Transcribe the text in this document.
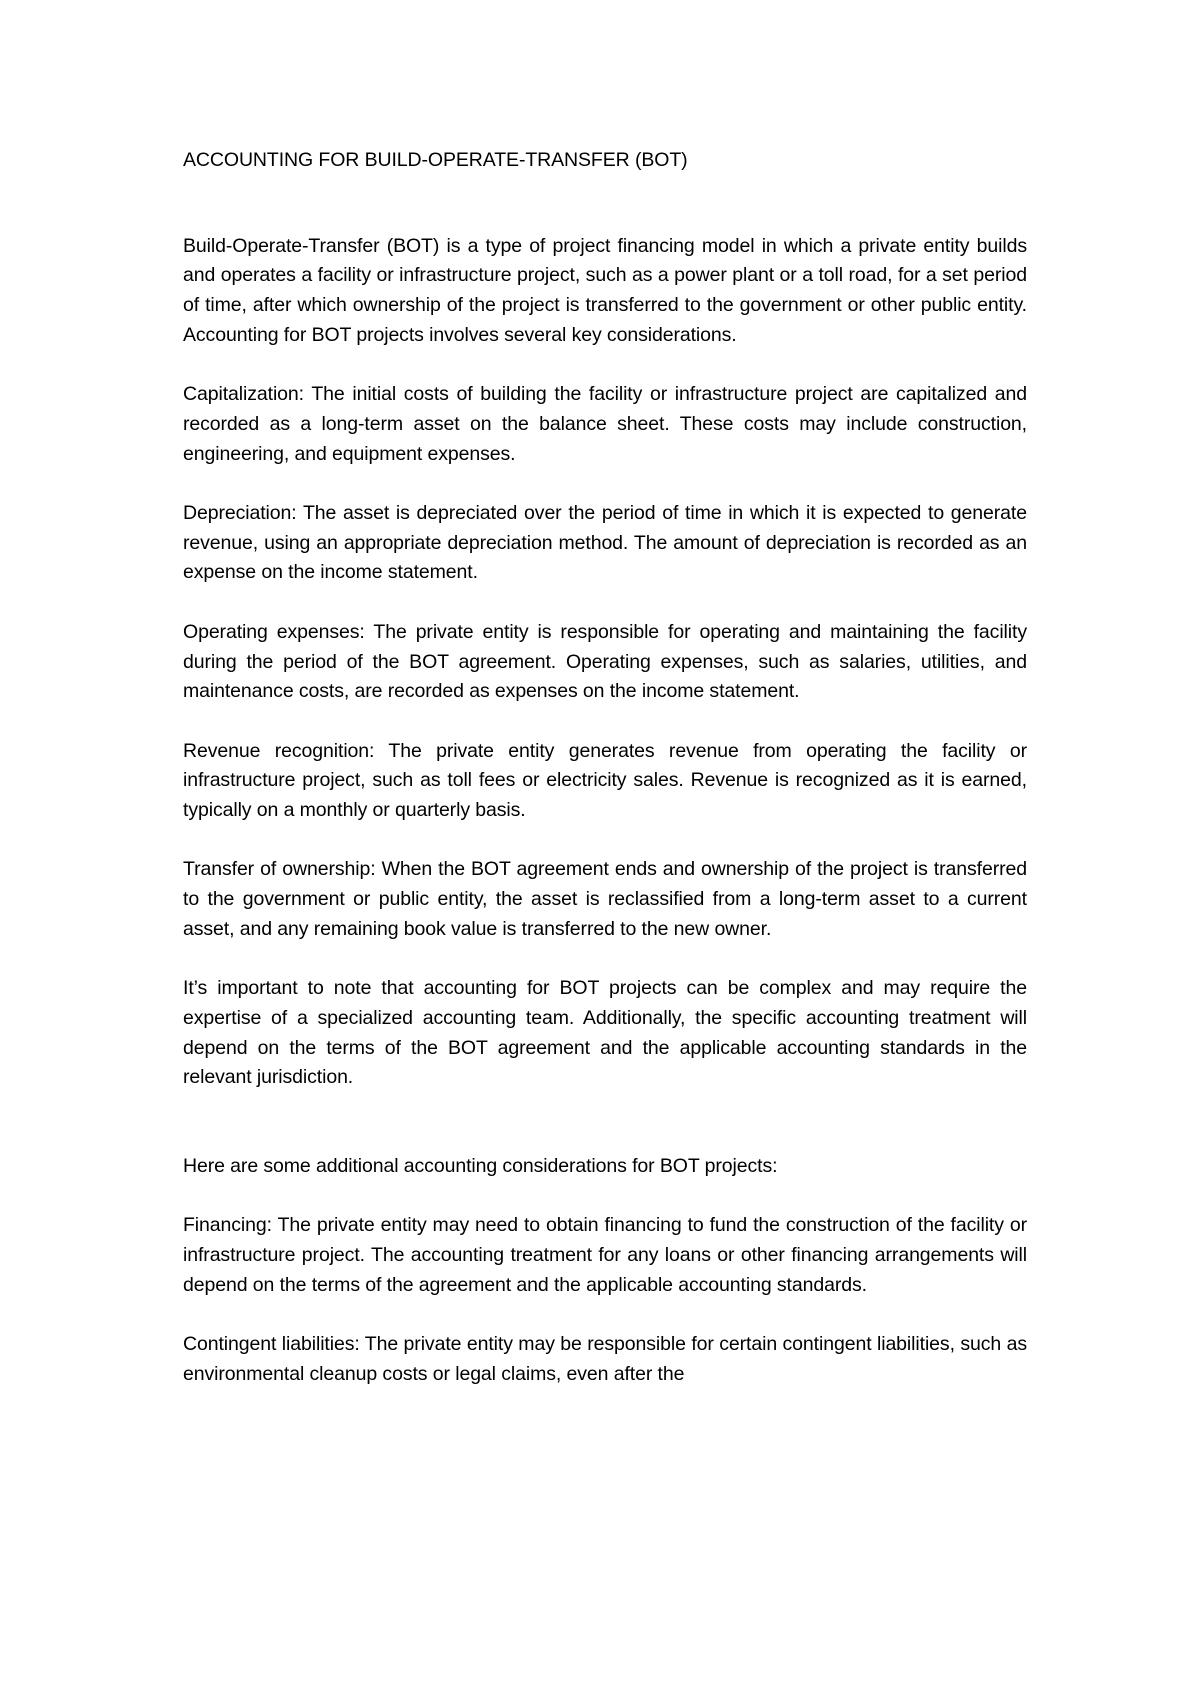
ACCOUNTING FOR BUILD-OPERATE-TRANSFER (BOT)

Build-Operate-Transfer (BOT) is a type of project financing model in which a private entity builds and operates a facility or infrastructure project, such as a power plant or a toll road, for a set period of time, after which ownership of the project is transferred to the government or other public entity. Accounting for BOT projects involves several key considerations.

Capitalization: The initial costs of building the facility or infrastructure project are capitalized and recorded as a long-term asset on the balance sheet. These costs may include construction, engineering, and equipment expenses.

Depreciation: The asset is depreciated over the period of time in which it is expected to generate revenue, using an appropriate depreciation method. The amount of depreciation is recorded as an expense on the income statement.

Operating expenses: The private entity is responsible for operating and maintaining the facility during the period of the BOT agreement. Operating expenses, such as salaries, utilities, and maintenance costs, are recorded as expenses on the income statement.

Revenue recognition: The private entity generates revenue from operating the facility or infrastructure project, such as toll fees or electricity sales. Revenue is recognized as it is earned, typically on a monthly or quarterly basis.

Transfer of ownership: When the BOT agreement ends and ownership of the project is transferred to the government or public entity, the asset is reclassified from a long-term asset to a current asset, and any remaining book value is transferred to the new owner.

It’s important to note that accounting for BOT projects can be complex and may require the expertise of a specialized accounting team. Additionally, the specific accounting treatment will depend on the terms of the BOT agreement and the applicable accounting standards in the relevant jurisdiction.

Here are some additional accounting considerations for BOT projects:

Financing: The private entity may need to obtain financing to fund the construction of the facility or infrastructure project. The accounting treatment for any loans or other financing arrangements will depend on the terms of the agreement and the applicable accounting standards.

Contingent liabilities: The private entity may be responsible for certain contingent liabilities, such as environmental cleanup costs or legal claims, even after the
